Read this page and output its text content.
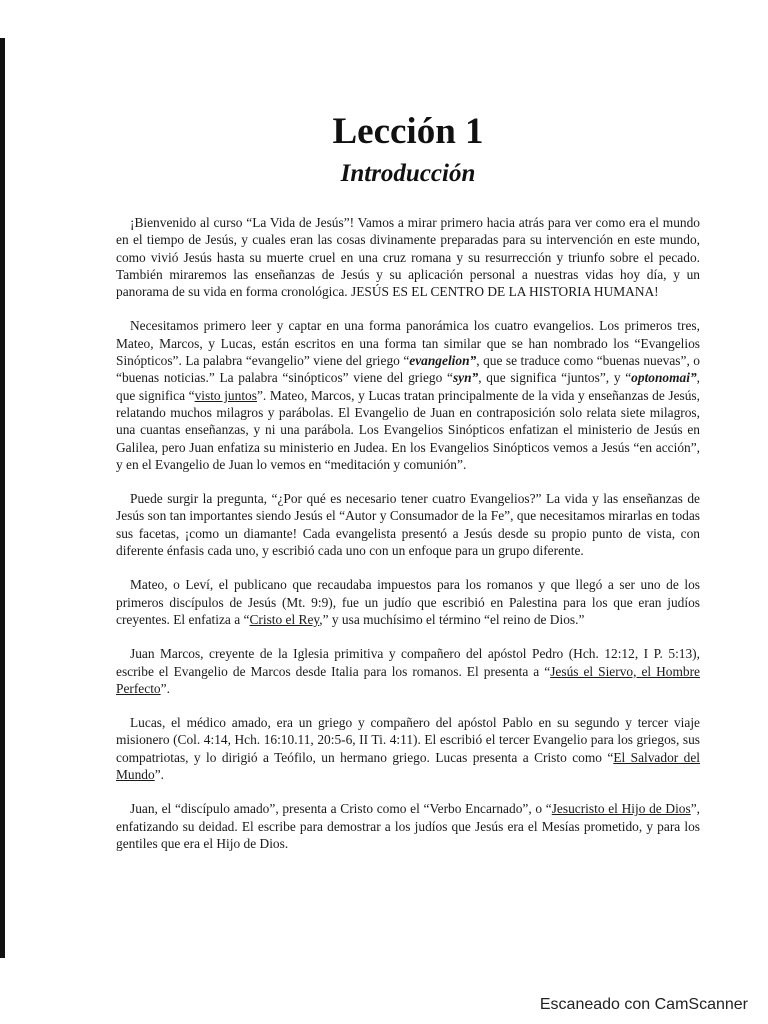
Lección 1
Introducción

¡Bienvenido al curso “La Vida de Jesús”! Vamos a mirar primero hacia atrás para ver como era el mundo en el tiempo de Jesús, y cuales eran las cosas divinamente preparadas para su intervención en este mundo, como vivió Jesús hasta su muerte cruel en una cruz romana y su resurrección y triunfo sobre el pecado. También miraremos las enseñanzas de Jesús y su aplicación personal a nuestras vidas hoy día, y un panorama de su vida en forma cronológica. JESÚS ES EL CENTRO DE LA HISTORIA HUMANA!

Necesitamos primero leer y captar en una forma panorámica los cuatro evangelios. Los primeros tres, Mateo, Marcos, y Lucas, están escritos en una forma tan similar que se han nombrado los “Evangelios Sinópticos”. La palabra “evangelio” viene del griego “evangelion”, que se traduce como “buenas nuevas”, o “buenas noticias.” La palabra “sinópticos” viene del griego “syn”, que significa “juntos”, y “optonomai”, que significa “visto juntos”. Mateo, Marcos, y Lucas tratan principalmente de la vida y enseñanzas de Jesús, relatando muchos milagros y parábolas. El Evangelio de Juan en contraposición solo relata siete milagros, una cuantas enseñanzas, y ni una parábola. Los Evangelios Sinópticos enfatizan el ministerio de Jesús en Galilea, pero Juan enfatiza su ministerio en Judea. En los Evangelios Sinópticos vemos a Jesús “en acción”, y en el Evangelio de Juan lo vemos en “meditación y comunión”.

Puede surgir la pregunta, “¿Por qué es necesario tener cuatro Evangelios?” La vida y las enseñanzas de Jesús son tan importantes siendo Jesús el “Autor y Consumador de la Fe”, que necesitamos mirarlas en todas sus facetas, ¡como un diamante! Cada evangelista presentó a Jesús desde su propio punto de vista, con diferente énfasis cada uno, y escribió cada uno con un enfoque para un grupo diferente.

Mateo, o Leví, el publicano que recaudaba impuestos para los romanos y que llegó a ser uno de los primeros discípulos de Jesús (Mt. 9:9), fue un judío que escribió en Palestina para los que eran judíos creyentes. El enfatiza a “Cristo el Rey,” y usa muchísimo el término “el reino de Dios.”

Juan Marcos, creyente de la Iglesia primitiva y compañero del apóstol Pedro (Hch. 12:12, I P. 5:13), escribe el Evangelio de Marcos desde Italia para los romanos. El presenta a “Jesús el Siervo, el Hombre Perfecto”.

Lucas, el médico amado, era un griego y compañero del apóstol Pablo en su segundo y tercer viaje misionero (Col. 4:14, Hch. 16:10.11, 20:5-6, II Ti. 4:11). El escribió el tercer Evangelio para los griegos, sus compatriotas, y lo dirigió a Teófilo, un hermano griego. Lucas presenta a Cristo como “El Salvador del Mundo”.

Juan, el “discípulo amado”, presenta a Cristo como el “Verbo Encarnado”, o “Jesucristo el Hijo de Dios”, enfatizando su deidad. El escribe para demostrar a los judíos que Jesús era el Mesías prometido, y para los gentiles que era el Hijo de Dios.

Escaneado con CamScanner
